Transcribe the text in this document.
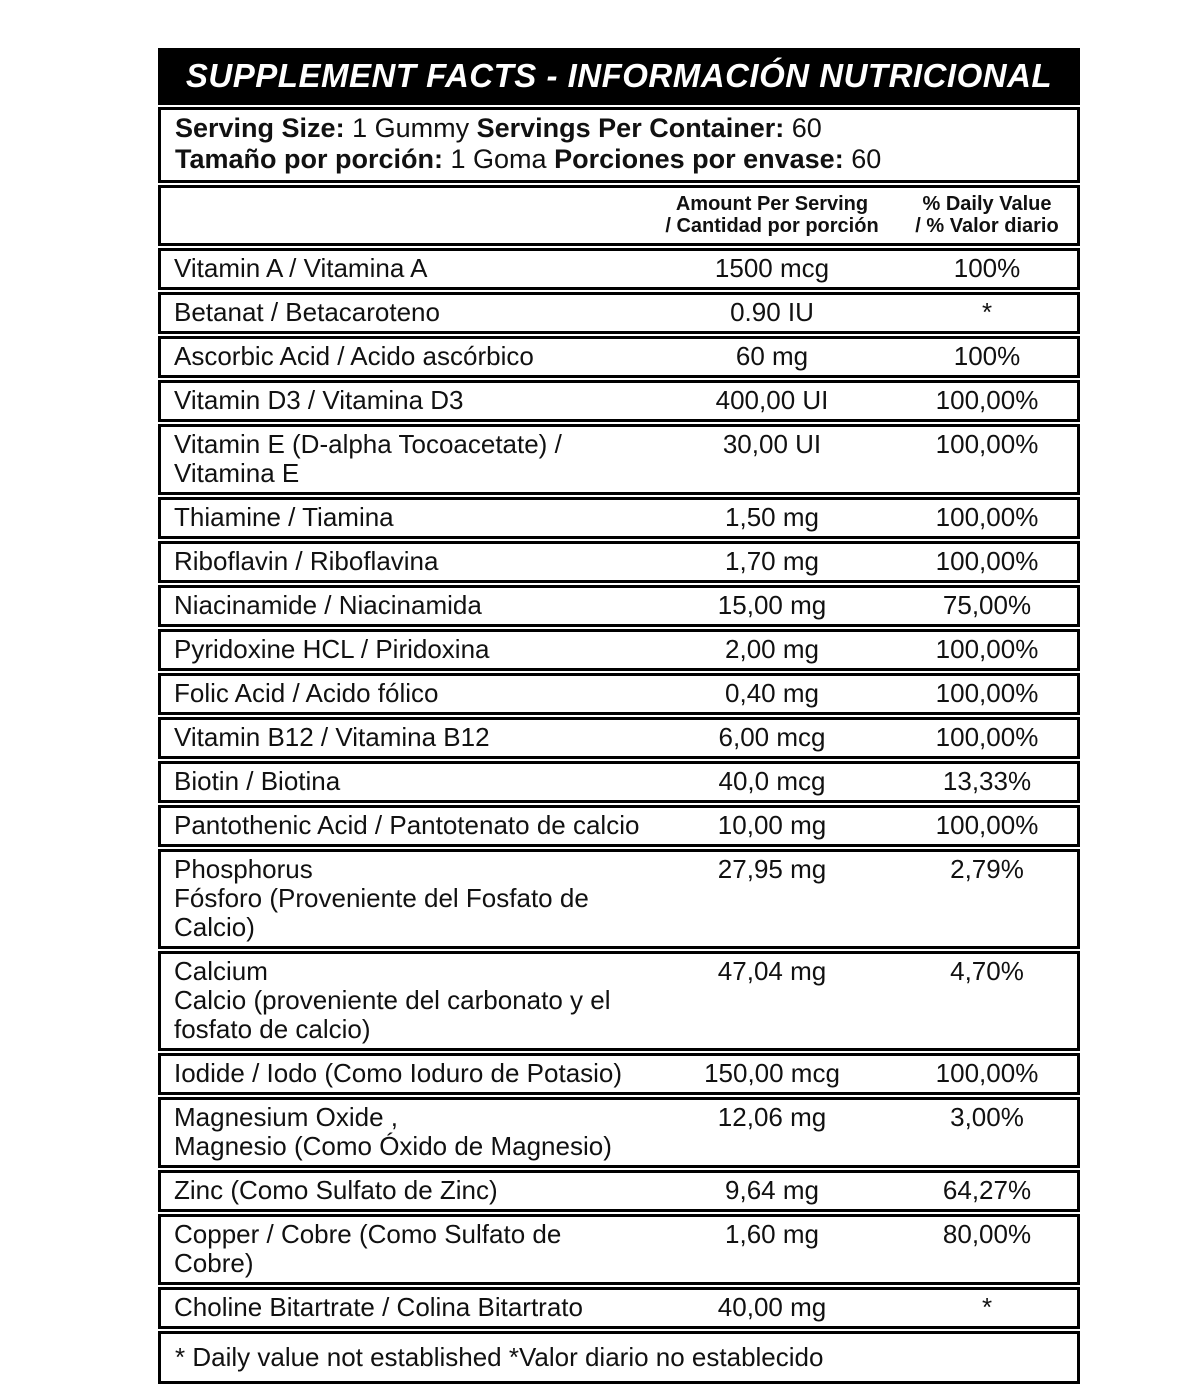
SUPPLEMENT FACTS - INFORMACIÓN NUTRICIONAL
Serving Size: 1 Gummy Servings Per Container: 60
Tamaño por porción: 1 Goma Porciones por envase: 60
Amount Per Serving
/ Cantidad por porción
% Daily Value
/ % Valor diario
Vitamin A / Vitamina A	1500 mcg	100%
Betanat / Betacaroteno	0.90 IU	*
Ascorbic Acid / Acido ascórbico	60 mg	100%
Vitamin D3 / Vitamina D3	400,00 UI	100,00%
Vitamin E (D-alpha Tocoacetate) / Vitamina E
30,00 UI	100,00%
Thiamine / Tiamina	1,50 mg	100,00%
Riboflavin / Riboflavina	1,70 mg	100,00%
Niacinamide / Niacinamida	15,00 mg	75,00%
Pyridoxine HCL / Piridoxina	2,00 mg	100,00%
Folic Acid / Acido fólico	0,40 mg	100,00%
Vitamin B12 / Vitamina B12	6,00 mcg	100,00%
Biotin / Biotina	40,0 mcg	13,33%
Pantothenic Acid / Pantotenato de calcio	10,00 mg	100,00%
Phosphorus
Fósforo (Proveniente del Fosfato de Calcio)
27,95 mg	2,79%
Calcium
Calcio (proveniente del carbonato y el fosfato de calcio)
47,04 mg	4,70%
Iodide / Iodo (Como Ioduro de Potasio)	150,00 mcg	100,00%
Magnesium Oxide ,
Magnesio (Como Óxido de Magnesio)
12,06 mg	3,00%
Zinc (Como Sulfato de Zinc)	9,64 mg	64,27%
Copper / Cobre (Como Sulfato de Cobre)
1,60 mg	80,00%
Choline Bitartrate / Colina Bitartrato	40,00 mg	*
* Daily value not established *Valor diario no establecido
